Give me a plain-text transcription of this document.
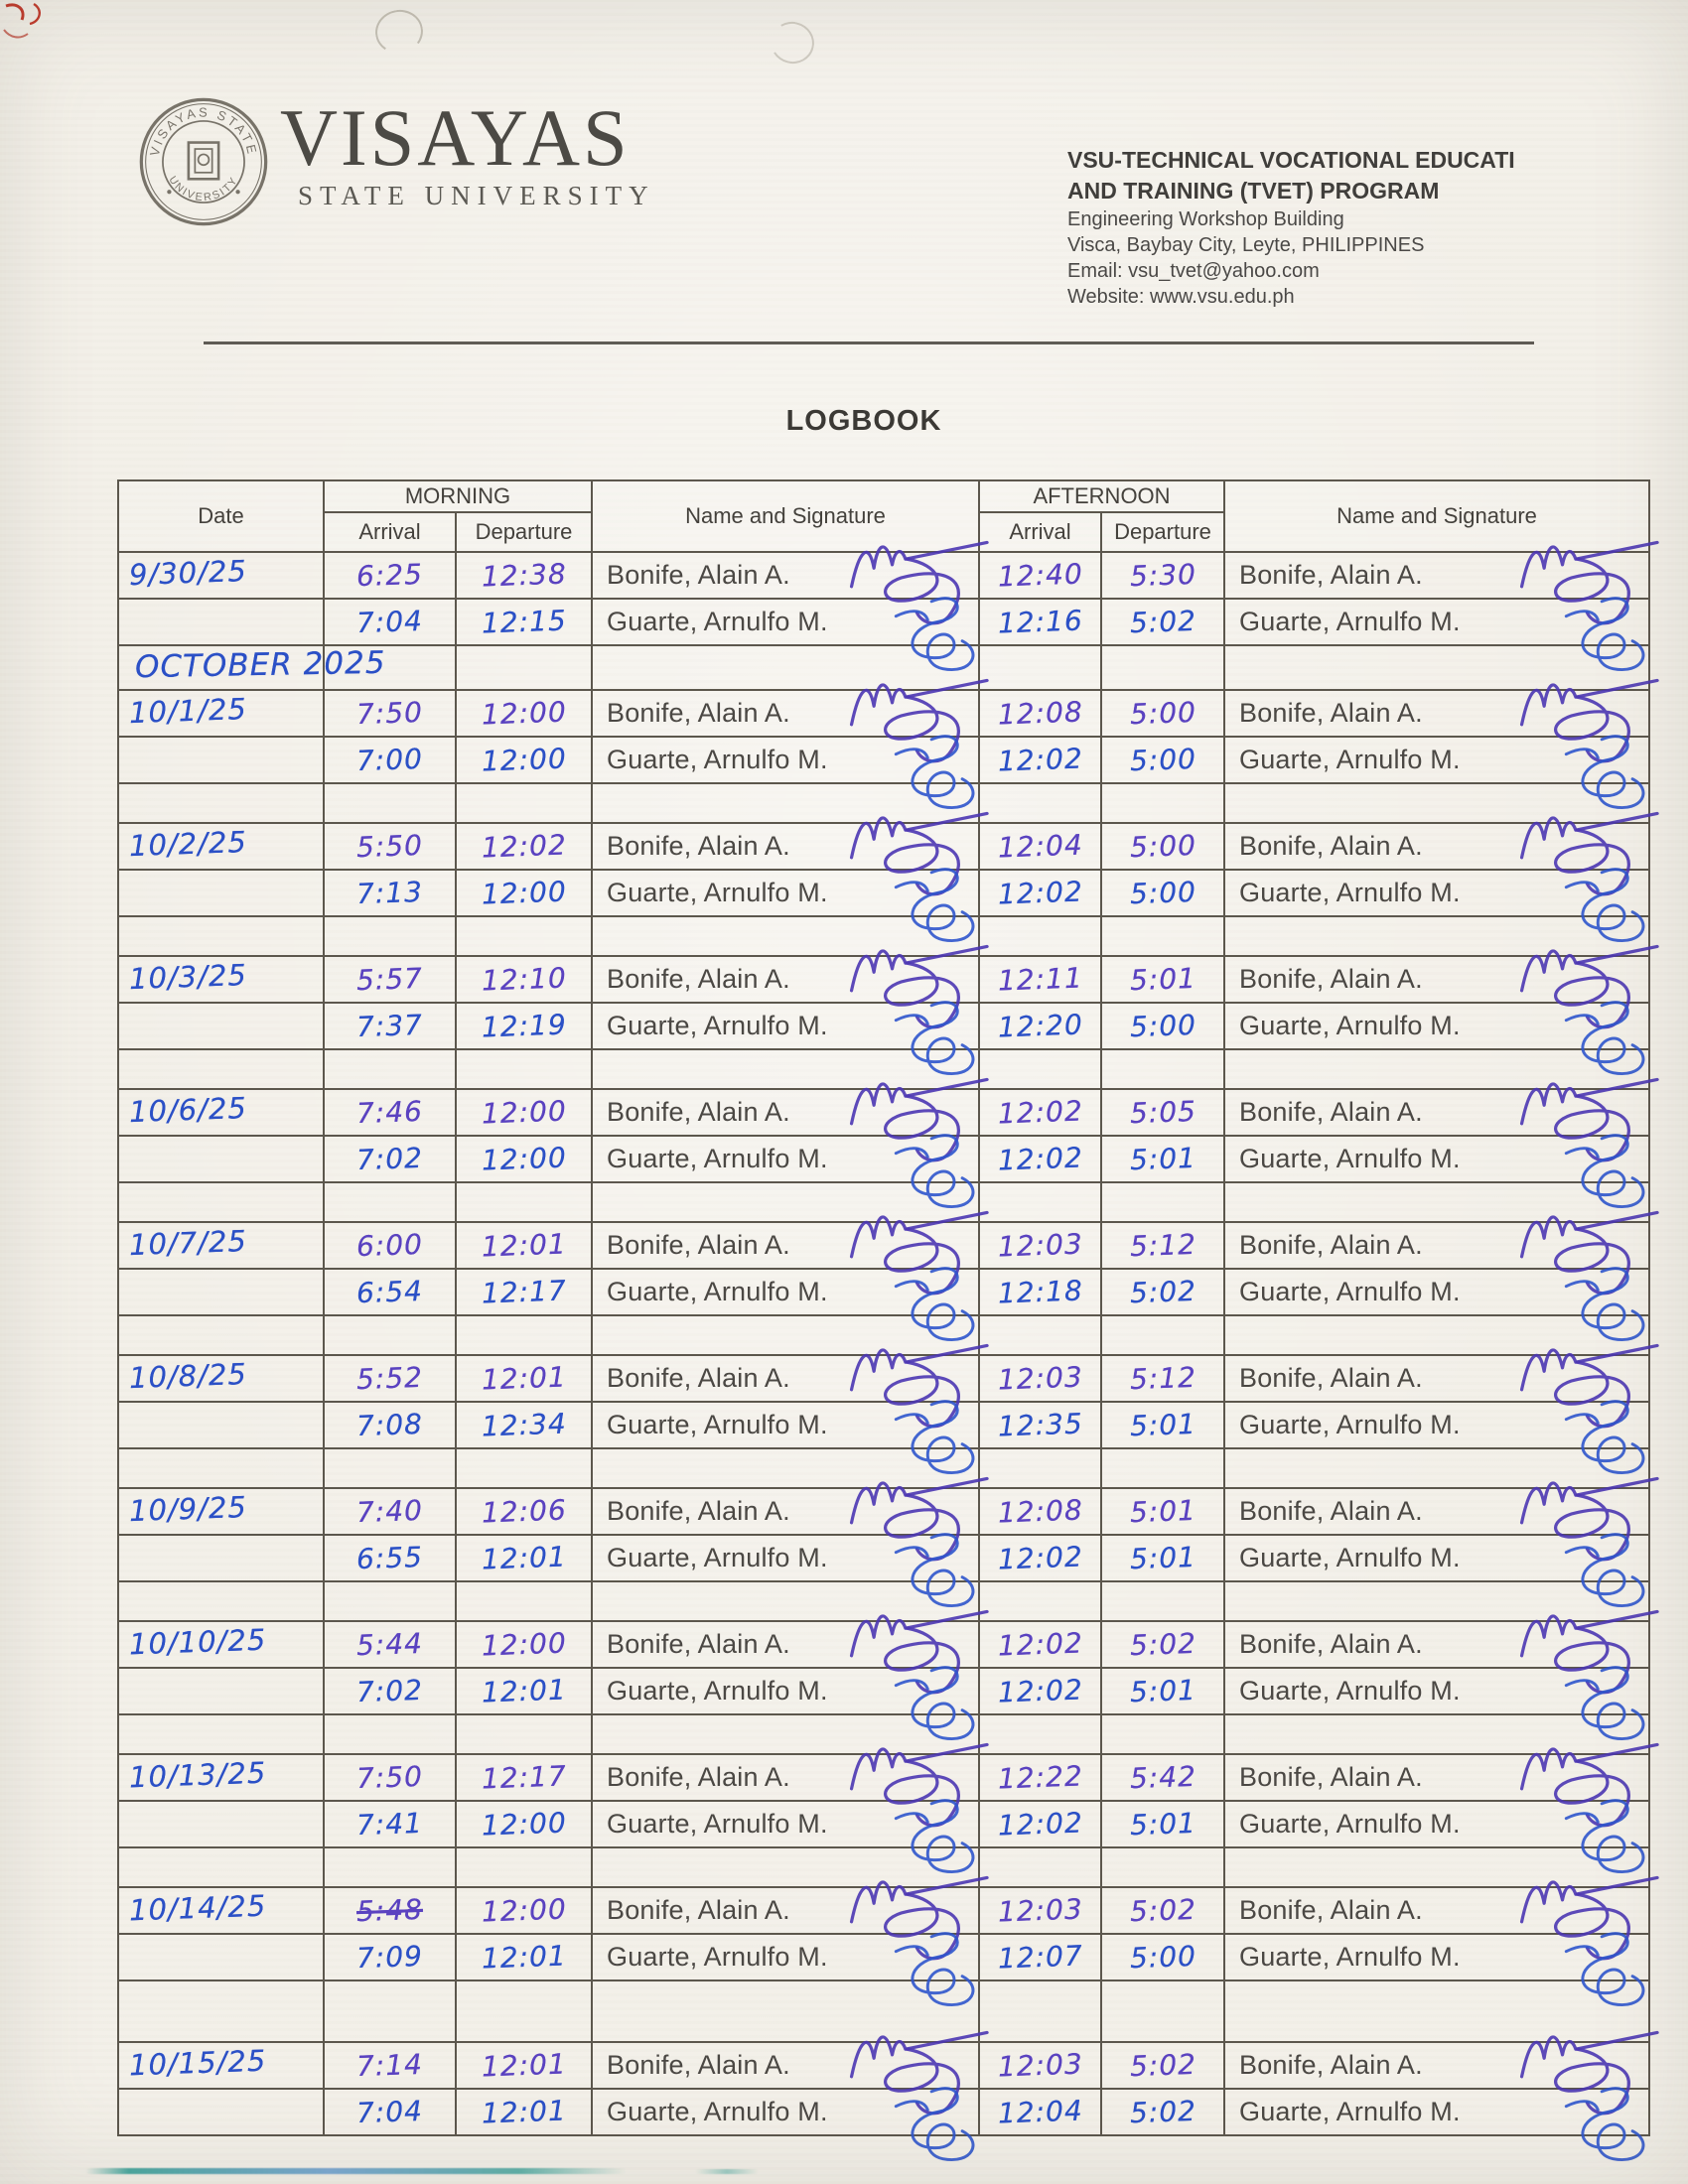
VISAYAS STATE
UNIVERSITY VISAYAS
STATE UNIVERSITY
VSU-TECHNICAL VOCATIONAL EDUCATI
AND TRAINING (TVET) PROGRAM
Engineering Workshop Building
Visca, Baybay City, Leyte, PHILIPPINES
Email: vsu_tvet@yahoo.com
Website: www.vsu.edu.ph
LOGBOOK
Date	MORNING		Name and Signature	AFTERNOON		Name and Signature
	Arrival	Departure		Arrival	Departure	

9/30/25	6:25	12:38	Bonife, Alain A.	12:40	5:30	Bonife, Alain A.

	7:04	12:15	Guarte, Arnulfo M.	12:16	5:02	Guarte, Arnulfo M.

OCTOBER 2025						

10/1/25	7:50	12:00	Bonife, Alain A.	12:08	5:00	Bonife, Alain A.

	7:00	12:00	Guarte, Arnulfo M.	12:02	5:00	Guarte, Arnulfo M.

10/2/25	5:50	12:02	Bonife, Alain A.	12:04	5:00	Bonife, Alain A.

	7:13	12:00	Guarte, Arnulfo M.	12:02	5:00	Guarte, Arnulfo M.

10/3/25	5:57	12:10	Bonife, Alain A.	12:11	5:01	Bonife, Alain A.

	7:37	12:19	Guarte, Arnulfo M.	12:20	5:00	Guarte, Arnulfo M.

10/6/25	7:46	12:00	Bonife, Alain A.	12:02	5:05	Bonife, Alain A.

	7:02	12:00	Guarte, Arnulfo M.	12:02	5:01	Guarte, Arnulfo M.

10/7/25	6:00	12:01	Bonife, Alain A.	12:03	5:12	Bonife, Alain A.

	6:54	12:17	Guarte, Arnulfo M.	12:18	5:02	Guarte, Arnulfo M.

10/8/25	5:52	12:01	Bonife, Alain A.	12:03	5:12	Bonife, Alain A.

	7:08	12:34	Guarte, Arnulfo M.	12:35	5:01	Guarte, Arnulfo M.

10/9/25	7:40	12:06	Bonife, Alain A.	12:08	5:01	Bonife, Alain A.

	6:55	12:01	Guarte, Arnulfo M.	12:02	5:01	Guarte, Arnulfo M.

10/10/25	5:44	12:00	Bonife, Alain A.	12:02	5:02	Bonife, Alain A.

	7:02	12:01	Guarte, Arnulfo M.	12:02	5:01	Guarte, Arnulfo M.

10/13/25	7:50	12:17	Bonife, Alain A.	12:22	5:42	Bonife, Alain A.

	7:41	12:00	Guarte, Arnulfo M.	12:02	5:01	Guarte, Arnulfo M.

10/14/25	5:48	12:00	Bonife, Alain A.	12:03	5:02	Bonife, Alain A.

	7:09	12:01	Guarte, Arnulfo M.	12:07	5:00	Guarte, Arnulfo M.

10/15/25	7:14	12:01	Bonife, Alain A.	12:03	5:02	Bonife, Alain A.

	7:04	12:01	Guarte, Arnulfo M.	12:04	5:02	Guarte, Arnulfo M.
